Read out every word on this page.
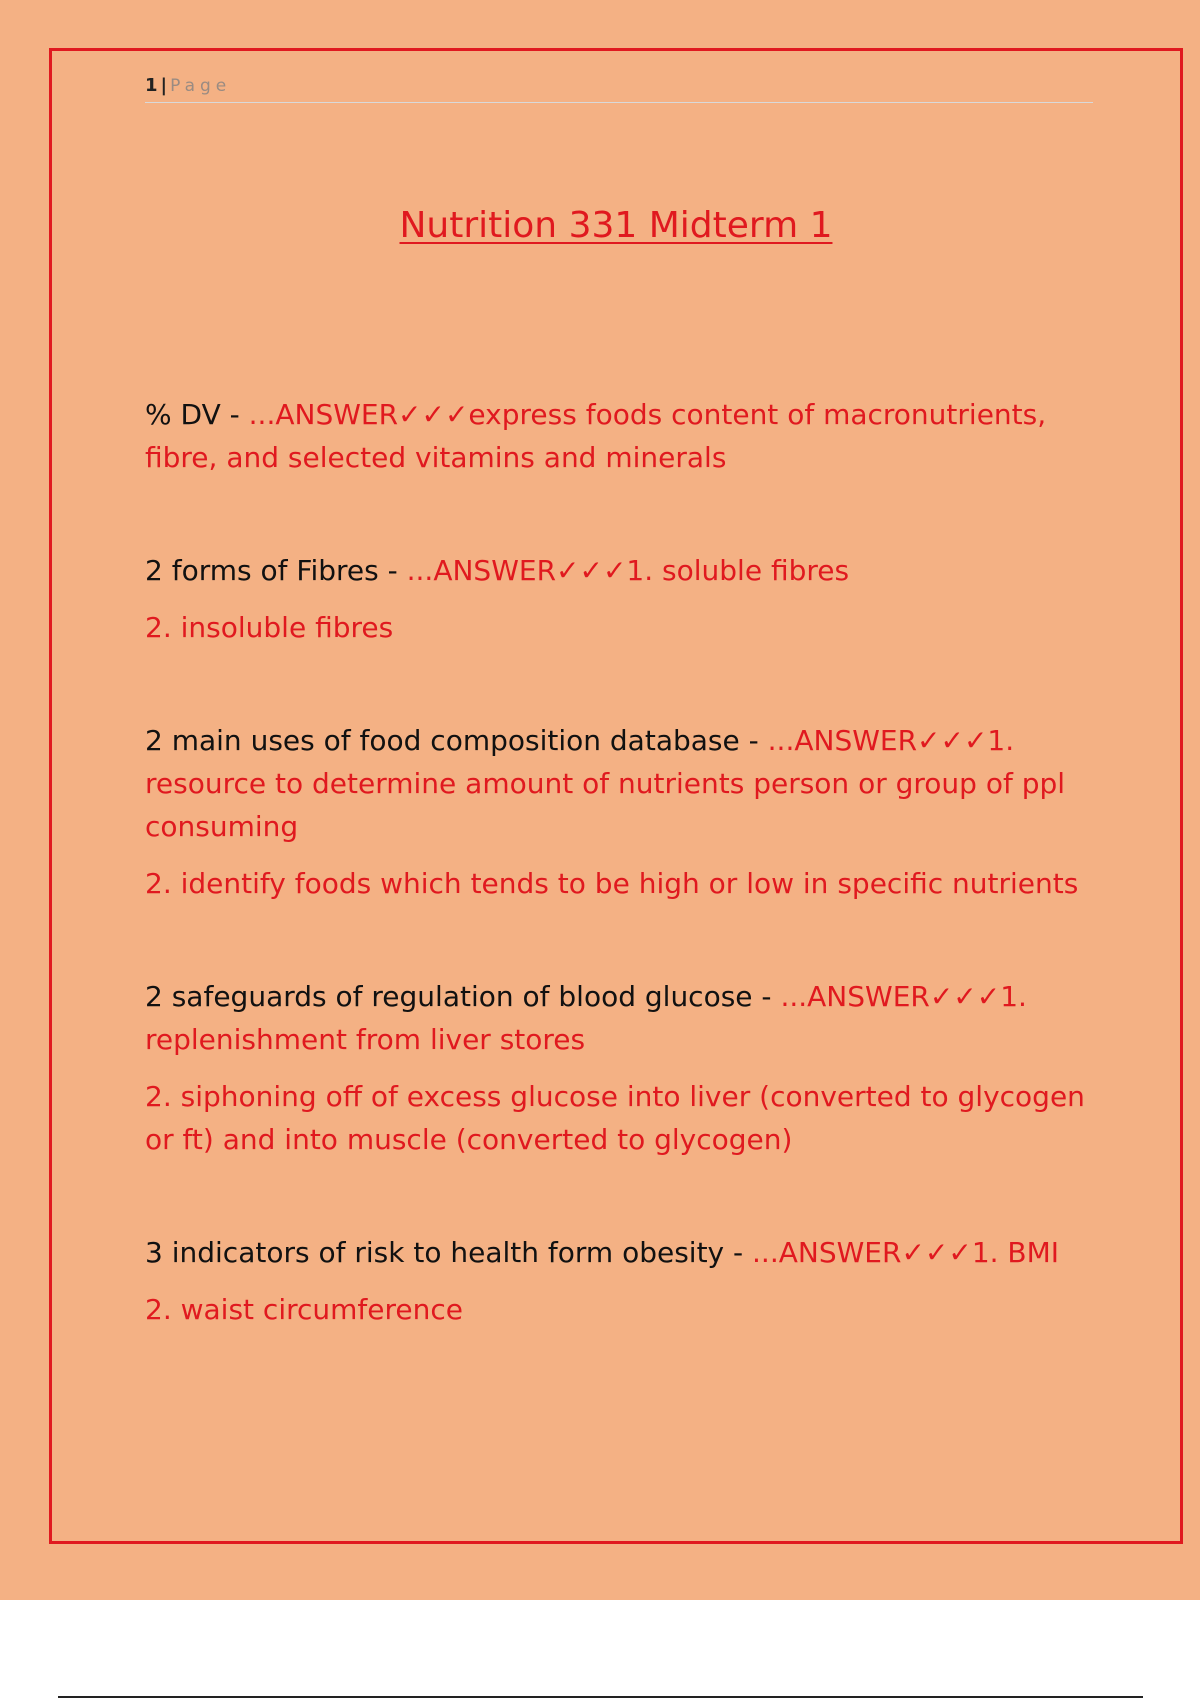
1 | Page
Nutrition 331 Midterm 1

% DV - ...ANSWER✓✓✓express foods content of macronutrients, fibre, and selected vitamins and minerals

2 forms of Fibres - ...ANSWER✓✓✓1. soluble fibres

2. insoluble fibres

2 main uses of food composition database - ...ANSWER✓✓✓1. resource to determine amount of nutrients person or group of ppl consuming

2. identify foods which tends to be high or low in specific nutrients

2 safeguards of regulation of blood glucose - ...ANSWER✓✓✓1. replenishment from liver stores

2. siphoning off of excess glucose into liver (converted to glycogen or ft) and into muscle (converted to glycogen)

3 indicators of risk to health form obesity - ...ANSWER✓✓✓1. BMI

2. waist circumference
